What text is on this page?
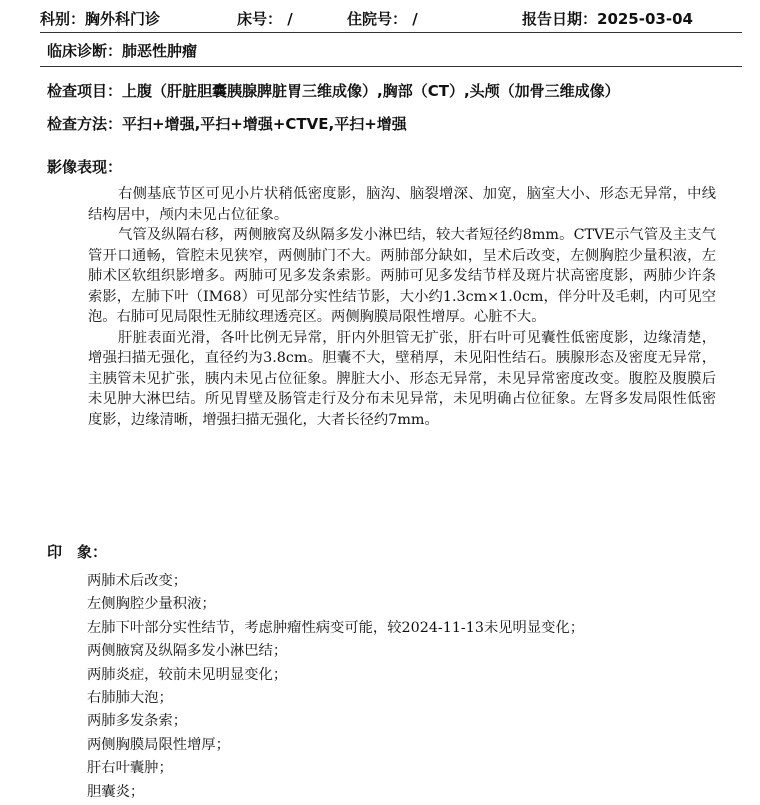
科别：胸外科门诊	床号： /	住院号： /	报告日期：2025-03-04
临床诊断：肺恶性肿瘤
检查项目：上腹（肝脏胆囊胰腺脾脏胃三维成像）,胸部（CT）,头颅（加骨三维成像）
检查方法：平扫+增强,平扫+增强+CTVE,平扫+增强
影像表现：

右侧基底节区可见小片状稍低密度影，脑沟、脑裂增深、加宽，脑室大小、形态无异常，中线结构居中，颅内未见占位征象。

气管及纵隔右移，两侧腋窝及纵隔多发小淋巴结，较大者短径约8mm。CTVE示气管及主支气管开口通畅，管腔未见狭窄，两侧肺门不大。两肺部分缺如，呈术后改变，左侧胸腔少量积液，左肺术区软组织影增多。两肺可见多发条索影。两肺可见多发结节样及斑片状高密度影，两肺少许条索影，左肺下叶（IM68）可见部分实性结节影，大小约1.3cm×1.0cm，伴分叶及毛刺，内可见空泡。右肺可见局限性无肺纹理透亮区。两侧胸膜局限性增厚。心脏不大。

肝脏表面光滑，各叶比例无异常，肝内外胆管无扩张，肝右叶可见囊性低密度影，边缘清楚，增强扫描无强化，直径约为3.8cm。胆囊不大，壁稍厚，未见阳性结石。胰腺形态及密度无异常，主胰管未见扩张，胰内未见占位征象。脾脏大小、形态无异常，未见异常密度改变。腹腔及腹膜后未见肿大淋巴结。所见胃壁及肠管走行及分布未见异常，未见明确占位征象。左肾多发局限性低密度影，边缘清晰，增强扫描无强化，大者长径约7mm。

印　象：
两肺术后改变；
左侧胸腔少量积液；
左肺下叶部分实性结节，考虑肿瘤性病变可能，较2024-11-13未见明显变化；
两侧腋窝及纵隔多发小淋巴结；
两肺炎症，较前未见明显变化；
右肺肺大泡；
两肺多发条索；
两侧胸膜局限性增厚；
肝右叶囊肿；
胆囊炎；
